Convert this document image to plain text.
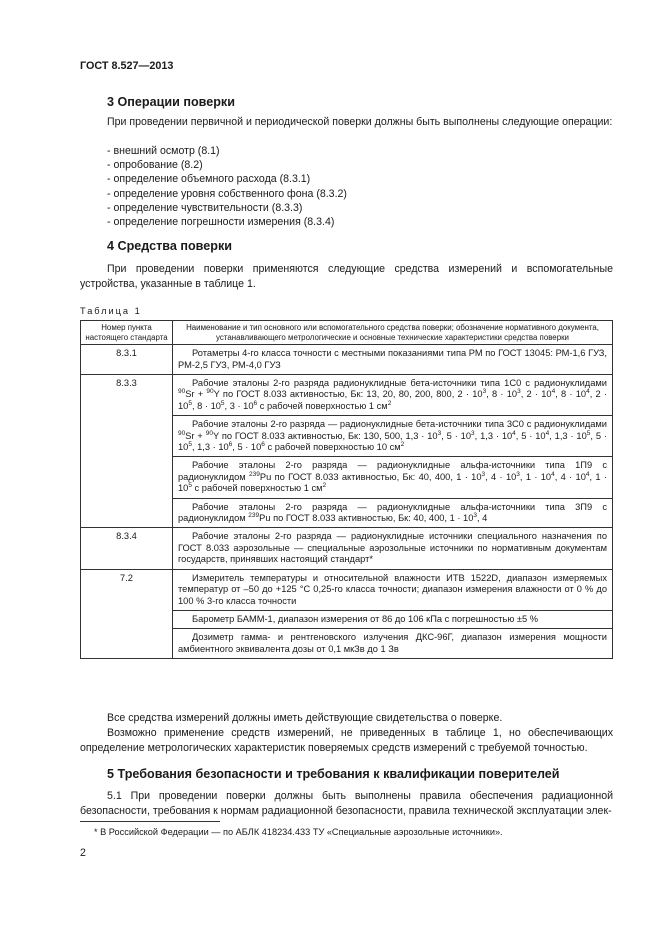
ГОСТ 8.527—2013
3 Операции поверки
При проведении первичной и периодической поверки должны быть выполнены следующие операции:
- внешний осмотр (8.1)
- опробование (8.2)
- определение объемного расхода (8.3.1)
- определение уровня собственного фона (8.3.2)
- определение чувствительности (8.3.3)
- определение погрешности измерения (8.3.4)
4 Средства поверки
При проведении поверки применяются следующие средства измерений и вспомогательные устройства, указанные в таблице 1.
Таблица 1
Номер пункта настоящего стандарта	Наименование и тип основного или вспомогательного средства поверки; обозначение нормативного документа, устанавливающего метрологические и основные технические характеристики средства поверки
8.3.1	Ротаметры 4-го класса точности с местными показаниями типа РМ по ГОСТ 13045: РМ-1,6 ГУЗ, РМ-2,5 ГУЗ, РМ-4,0 ГУЗ
8.3.3	Рабочие эталоны 2-го разряда радионуклидные бета-источники типа 1С0 с радионуклидами $^{90}$Sr + $^{90}$Y по ГОСТ 8.033 активностью, Бк: 13, 20, 80, 200, 800, $2 \cdot 10^3$, $8 \cdot 10^3$, $2 \cdot 10^4$, $8 \cdot 10^4$, $2 \cdot 10^5$, $8 \cdot 10^5$, $3 \cdot 10^6$ с рабочей поверхностью 1 $см^2$
	Рабочие эталоны 2-го разряда — радионуклидные бета-источники типа 3С0 с радионуклидами $^{90}$Sr + $^{90}$Y по ГОСТ 8.033 активностью, Бк: 130, 500, $1,3 \cdot 10^3$, $5 \cdot 10^3$, $1,3 \cdot 10^4$, $5 \cdot 10^4$, $1,3 \cdot 10^5$, $5 \cdot 10^5$, $1,3 \cdot 10^6$, $5 \cdot 10^6$ с рабочей поверхностью 10 $см^2$
	Рабочие эталоны 2-го разряда — радионуклидные альфа-источники типа 1П9 с радионуклидом $^{239}$Pu по ГОСТ 8.033 активностью, Бк: 40, 400, $1 \cdot 10^3$, $4 \cdot 10^3$, $1 \cdot 10^4$, $4 \cdot 10^4$, $1 \cdot 10^5$ с рабочей поверхностью 1 $см^2$
	Рабочие эталоны 2-го разряда — радионуклидные альфа-источники типа 3П9 с радионуклидом $^{239}$Pu по ГОСТ 8.033 активностью, Бк: 40, 400, $1 \cdot 10^3$, 4
8.3.4	Рабочие эталоны 2-го разряда — радионуклидные источники специального назначения по ГОСТ 8.033 аэрозольные — специальные аэрозольные источники по нормативным документам государств, принявших настоящий стандарт*
7.2	Измеритель температуры и относительной влажности ИТВ 1522D, диапазон измеряемых температур от –50 до +125 °С 0,25-го класса точности; диапазон измерения влажности от 0 % до 100 % 3-го класса точности
	Барометр БАММ-1, диапазон измерения от 86 до 106 кПа с погрешностью ±5 %
	Дозиметр гамма- и рентгеновского излучения ДКС-96Г, диапазон измерения мощности амбиентного эквивалента дозы от 0,1 мкЗв до 1 Зв
Все средства измерений должны иметь действующие свидетельства о поверке.
Возможно применение средств измерений, не приведенных в таблице 1, но обеспечивающих определение метрологических характеристик поверяемых средств измерений с требуемой точностью.
5 Требования безопасности и требования к квалификации поверителей
5.1 При проведении поверки должны быть выполнены правила обеспечения радиационной безопасности, требования к нормам радиационной безопасности, правила технической эксплуатации элек-
* В Российской Федерации — по АБЛК 418234.433 ТУ «Специальные аэрозольные источники».
2
